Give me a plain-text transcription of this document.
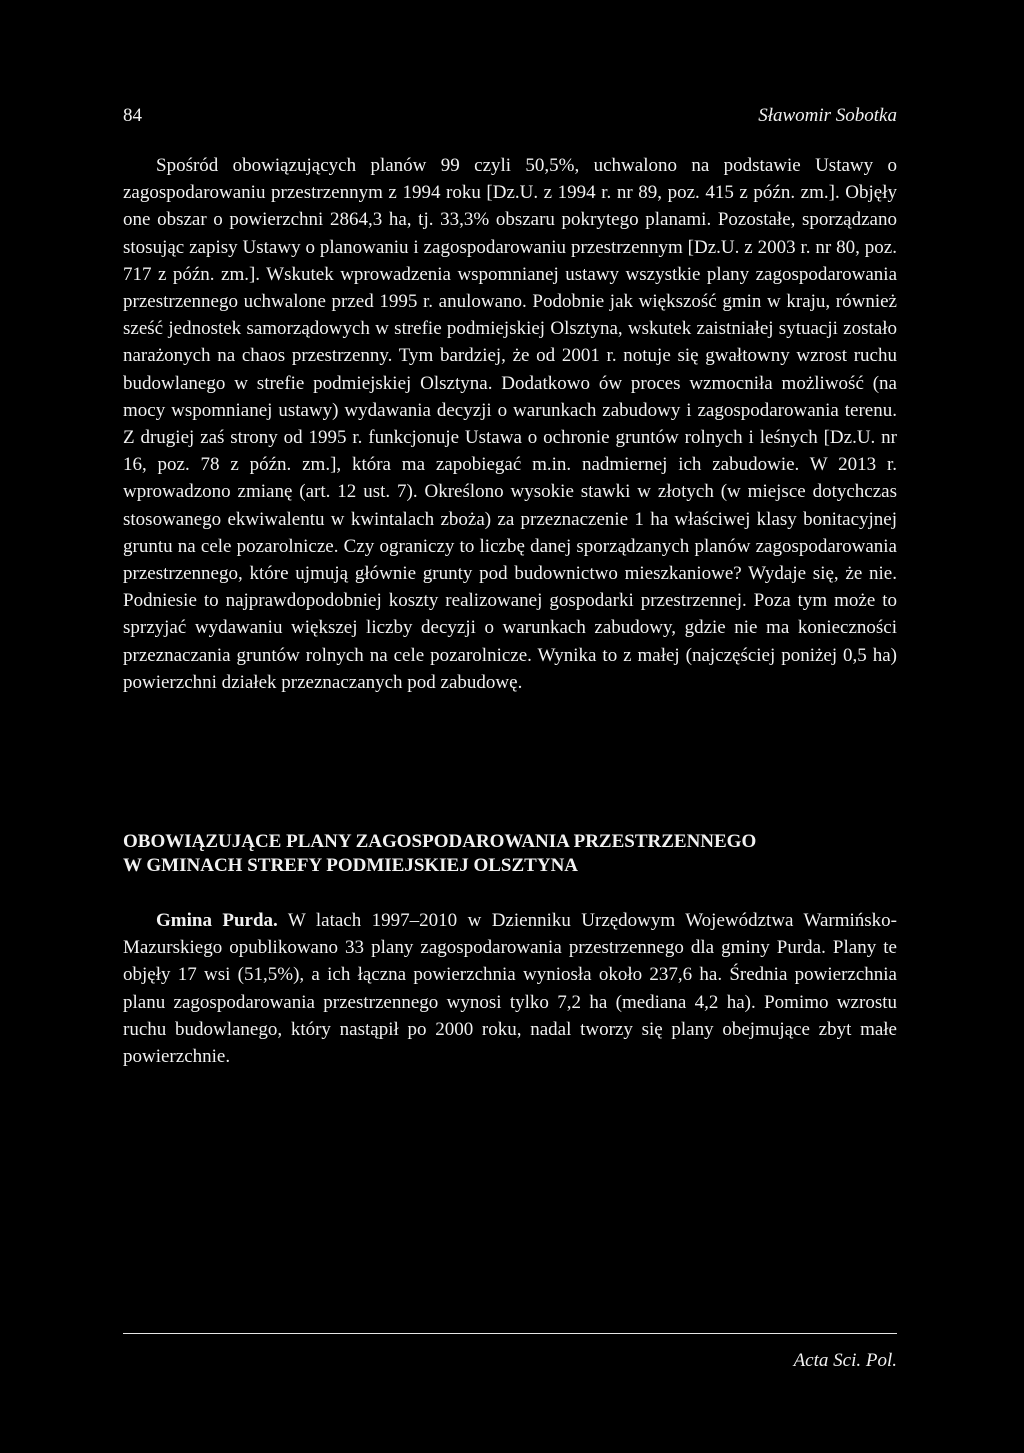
84	Sławomir Sobotka

Spośród obowiązujących planów 99 czyli 50,5%, uchwalono na podstawie Ustawy o zagospodarowaniu przestrzennym z 1994 roku [Dz.U. z 1994 r. nr 89, poz. 415 z późn. zm.]. Objęły one obszar o powierzchni 2864,3 ha, tj. 33,3% obszaru pokrytego planami. Pozostałe, sporządzano stosując zapisy Ustawy o planowaniu i zagospodarowaniu przestrzennym [Dz.U. z 2003 r. nr 80, poz. 717 z późn. zm.]. Wskutek wprowadzenia wspomnianej ustawy wszystkie plany zagospodarowania przestrzennego uchwalone przed 1995 r. anulowano. Podobnie jak większość gmin w kraju, również sześć jednostek samorządowych w strefie podmiejskiej Olsztyna, wskutek zaistniałej sytuacji zostało narażonych na chaos przestrzenny. Tym bardziej, że od 2001 r. notuje się gwałtowny wzrost ruchu budowlanego w strefie podmiejskiej Olsztyna. Dodatkowo ów proces wzmocniła możliwość (na mocy wspomnianej ustawy) wydawania decyzji o warunkach zabudowy i zagospodarowania terenu. Z drugiej zaś strony od 1995 r. funkcjonuje Ustawa o ochronie gruntów rolnych i leśnych [Dz.U. nr 16, poz. 78 z późn. zm.], która ma zapobiegać m.in. nadmiernej ich zabudowie. W 2013 r. wprowadzono zmianę (art. 12 ust. 7). Określono wysokie stawki w złotych (w miejsce dotychczas stosowanego ekwiwalentu w kwintalach zboża) za przeznaczenie 1 ha właściwej klasy bonitacyjnej gruntu na cele pozarolnicze. Czy ograniczy to liczbę danej sporządzanych planów zagospodarowania przestrzennego, które ujmują głównie grunty pod budownictwo mieszkaniowe? Wydaje się, że nie. Podniesie to najprawdopodobniej koszty realizowanej gospodarki przestrzennej. Poza tym może to sprzyjać wydawaniu większej liczby decyzji o warunkach zabudowy, gdzie nie ma konieczności przeznaczania gruntów rolnych na cele pozarolnicze. Wynika to z małej (najczęściej poniżej 0,5 ha) powierzchni działek przeznaczanych pod zabudowę.

OBOWIĄZUJĄCE PLANY ZAGOSPODAROWANIA PRZESTRZENNEGO
W GMINACH STREFY PODMIEJSKIEJ OLSZTYNA

Gmina Purda. W latach 1997–2010 w Dzienniku Urzędowym Województwa Warmińsko-Mazurskiego opublikowano 33 plany zagospodarowania przestrzennego dla gminy Purda. Plany te objęły 17 wsi (51,5%), a ich łączna powierzchnia wyniosła około 237,6 ha. Średnia powierzchnia planu zagospodarowania przestrzennego wynosi tylko 7,2 ha (mediana 4,2 ha). Pomimo wzrostu ruchu budowlanego, który nastąpił po 2000 roku, nadal tworzy się plany obejmujące zbyt małe powierzchnie.

Acta Sci. Pol.
